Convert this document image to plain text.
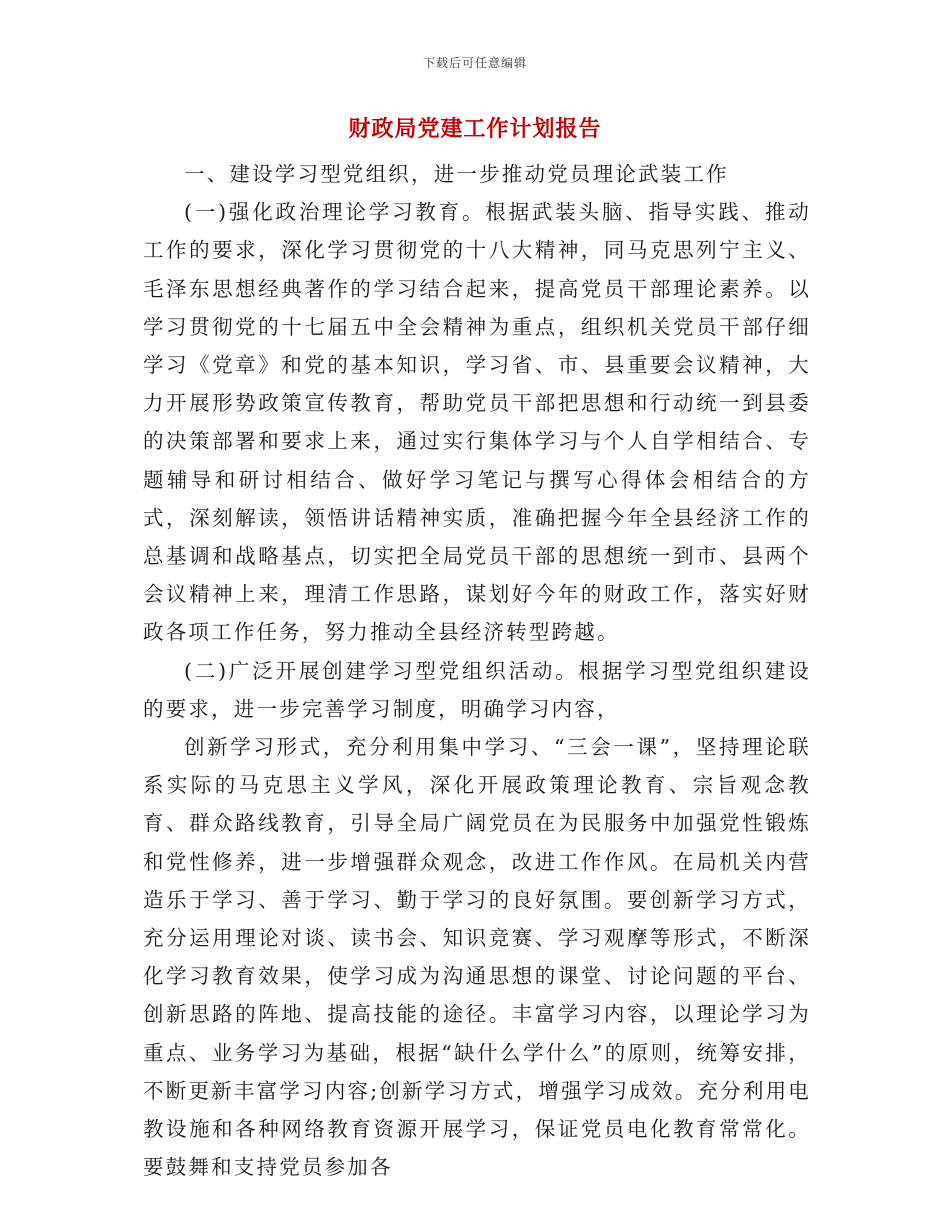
下载后可任意编辑
财政局党建工作计划报告

一、建设学习型党组织，进一步推动党员理论武装工作

(一)强化政治理论学习教育。根据武装头脑、指导实践、推动工作的要求，深化学习贯彻党的十八大精神，同马克思列宁主义、毛泽东思想经典著作的学习结合起来，提高党员干部理论素养。以学习贯彻党的十七届五中全会精神为重点，组织机关党员干部仔细学习《党章》和党的基本知识，学习省、市、县重要会议精神，大力开展形势政策宣传教育，帮助党员干部把思想和行动统一到县委的决策部署和要求上来，通过实行集体学习与个人自学相结合、专题辅导和研讨相结合、做好学习笔记与撰写心得体会相结合的方式，深刻解读，领悟讲话精神实质，准确把握今年全县经济工作的总基调和战略基点，切实把全局党员干部的思想统一到市、县两个会议精神上来，理清工作思路，谋划好今年的财政工作，落实好财政各项工作任务，努力推动全县经济转型跨越。

(二)广泛开展创建学习型党组织活动。根据学习型党组织建设的要求，进一步完善学习制度，明确学习内容，

创新学习形式，充分利用集中学习、“三会一课”，坚持理论联系实际的马克思主义学风，深化开展政策理论教育、宗旨观念教育、群众路线教育，引导全局广阔党员在为民服务中加强党性锻炼和党性修养，进一步增强群众观念，改进工作作风。在局机关内营造乐于学习、善于学习、勤于学习的良好氛围。要创新学习方式，充分运用理论对谈、读书会、知识竞赛、学习观摩等形式，不断深化学习教育效果，使学习成为沟通思想的课堂、讨论问题的平台、创新思路的阵地、提高技能的途径。丰富学习内容，以理论学习为重点、业务学习为基础，根据“缺什么学什么”的原则，统筹安排，不断更新丰富学习内容;创新学习方式，增强学习成效。充分利用电教设施和各种网络教育资源开展学习，保证党员电化教育常常化。要鼓舞和支持党员参加各
